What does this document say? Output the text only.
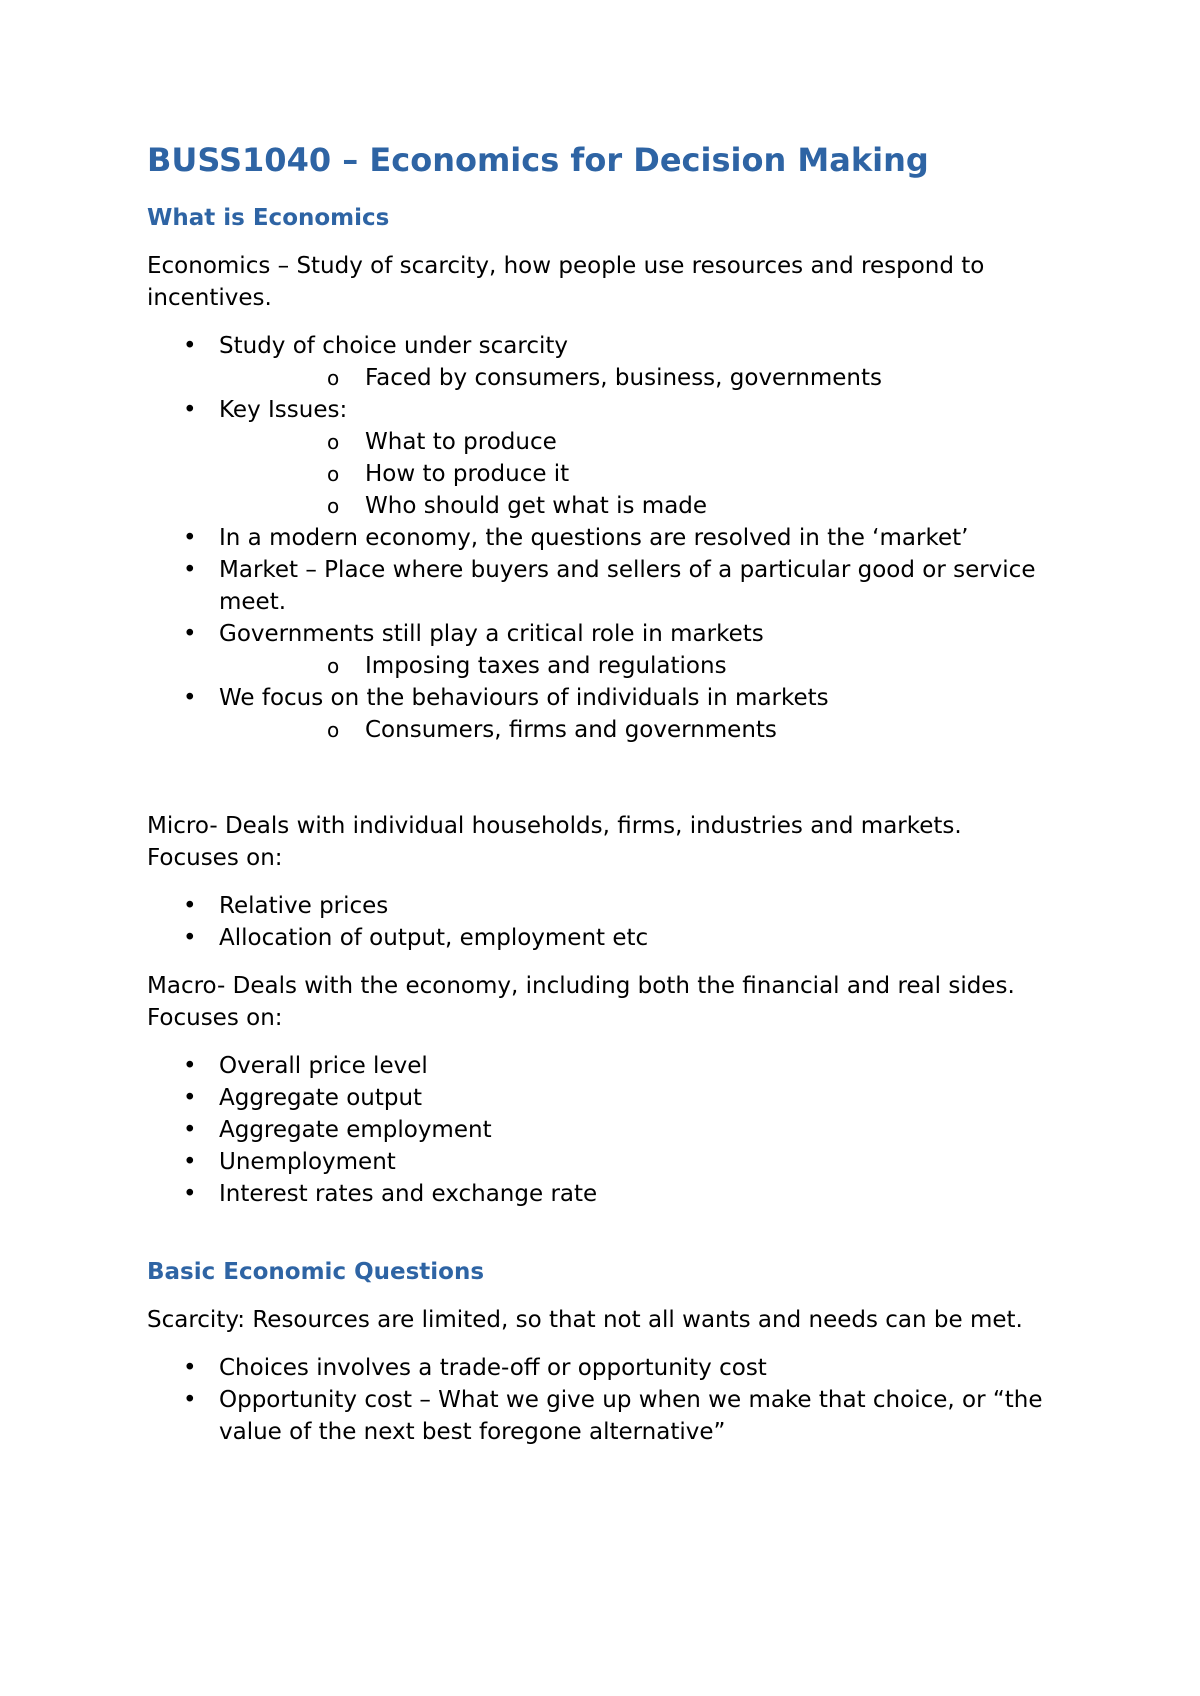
BUSS1040 – Economics for Decision Making
What is Economics

Economics – Study of scarcity, how people use resources and respond to incentives.

• Study of choice under scarcity
o	Faced by consumers, business, governments
• Key Issues:
o	What to produce
o	How to produce it
o	Who should get what is made
• In a modern economy, the questions are resolved in the ‘market’
• Market – Place where buyers and sellers of a particular good or service meet.
• Governments still play a critical role in markets
o	Imposing taxes and regulations
• We focus on the behaviours of individuals in markets
o	Consumers, firms and governments

Micro- Deals with individual households, firms, industries and markets. Focuses on:

• Relative prices
• Allocation of output, employment etc

Macro- Deals with the economy, including both the financial and real sides. Focuses on:

• Overall price level
• Aggregate output
• Aggregate employment
• Unemployment
• Interest rates and exchange rate
Basic Economic Questions

Scarcity: Resources are limited, so that not all wants and needs can be met.

• Choices involves a trade-off or opportunity cost
• Opportunity cost – What we give up when we make that choice, or “the value of the next best foregone alternative”
